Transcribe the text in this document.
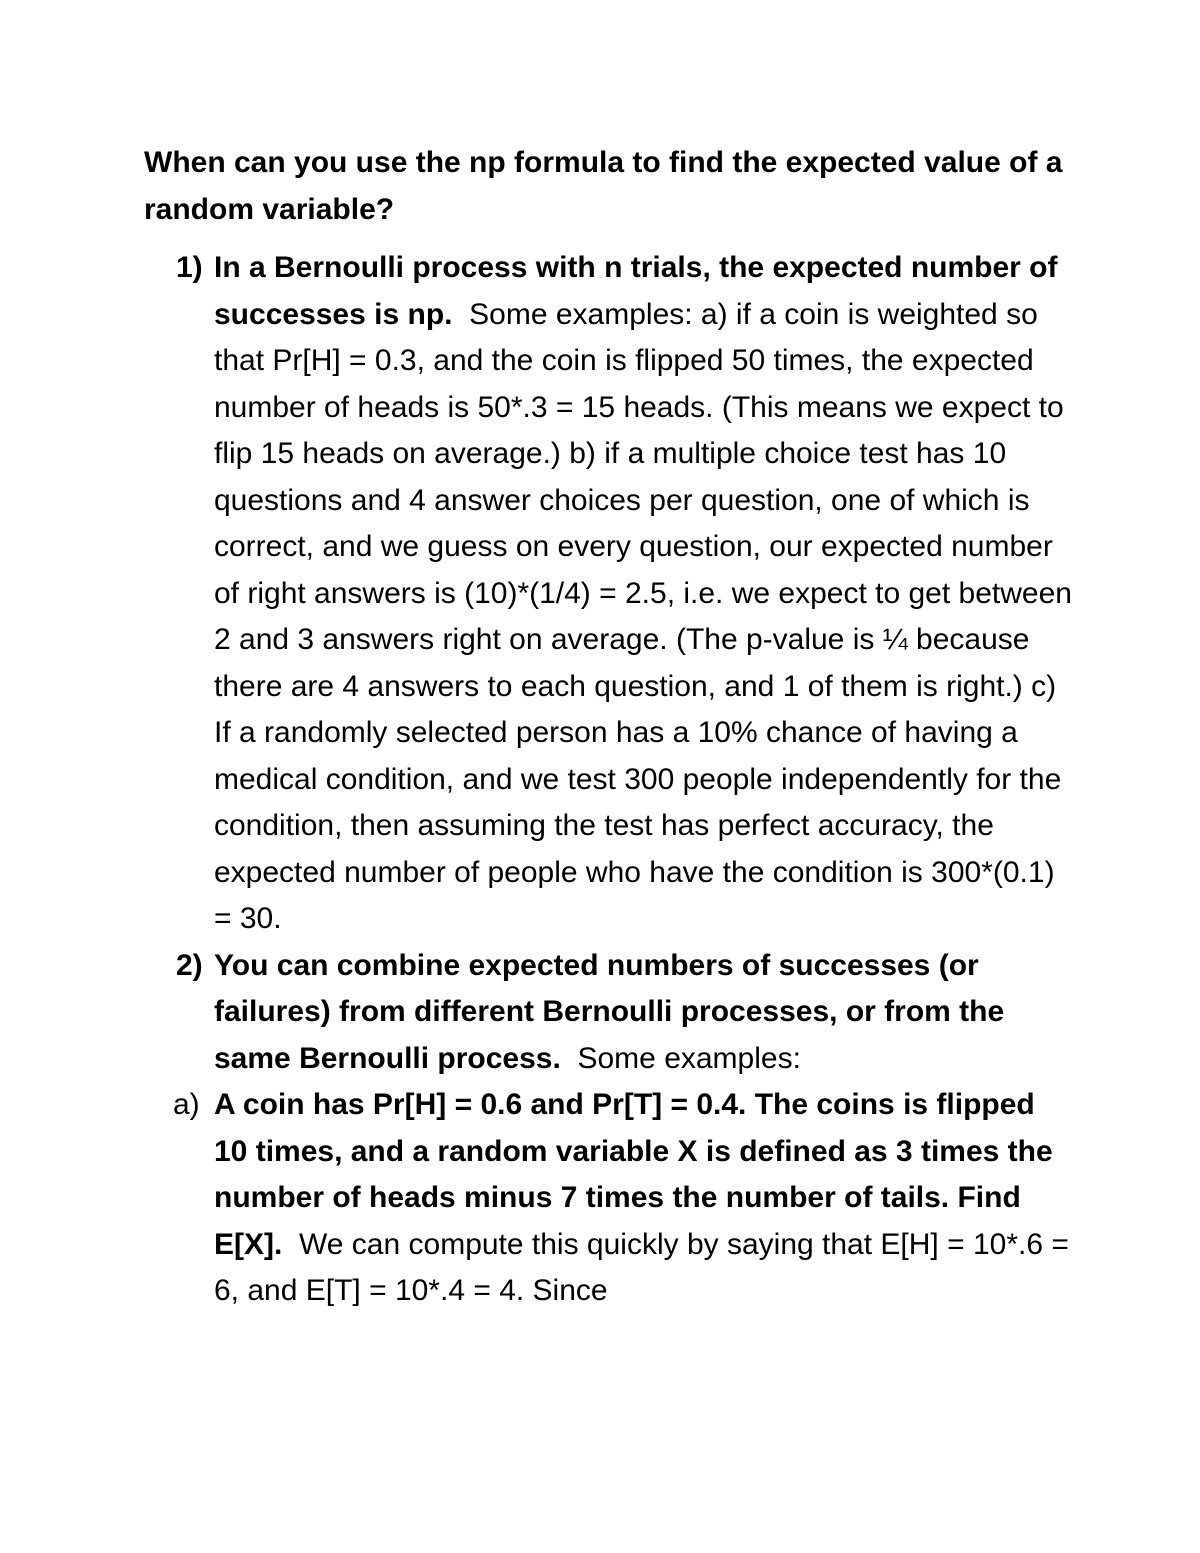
When can you use the np formula to find the expected value of a random variable?
1) In a Bernoulli process with n trials, the expected number of successes is np. Some examples: a) if a coin is weighted so that Pr[H] = 0.3, and the coin is flipped 50 times, the expected number of heads is 50*.3 = 15 heads. (This means we expect to flip 15 heads on average.) b) if a multiple choice test has 10 questions and 4 answer choices per question, one of which is correct, and we guess on every question, our expected number of right answers is (10)*(1/4) = 2.5, i.e. we expect to get between 2 and 3 answers right on average. (The p-value is ¼ because there are 4 answers to each question, and 1 of them is right.) c) If a randomly selected person has a 10% chance of having a medical condition, and we test 300 people independently for the condition, then assuming the test has perfect accuracy, the expected number of people who have the condition is 300*(0.1) = 30.
2) You can combine expected numbers of successes (or failures) from different Bernoulli processes, or from the same Bernoulli process. Some examples:
a) A coin has Pr[H] = 0.6 and Pr[T] = 0.4. The coins is flipped 10 times, and a random variable X is defined as 3 times the number of heads minus 7 times the number of tails. Find E[X]. We can compute this quickly by saying that E[H] = 10*.6 = 6, and E[T] = 10*.4 = 4. Since
